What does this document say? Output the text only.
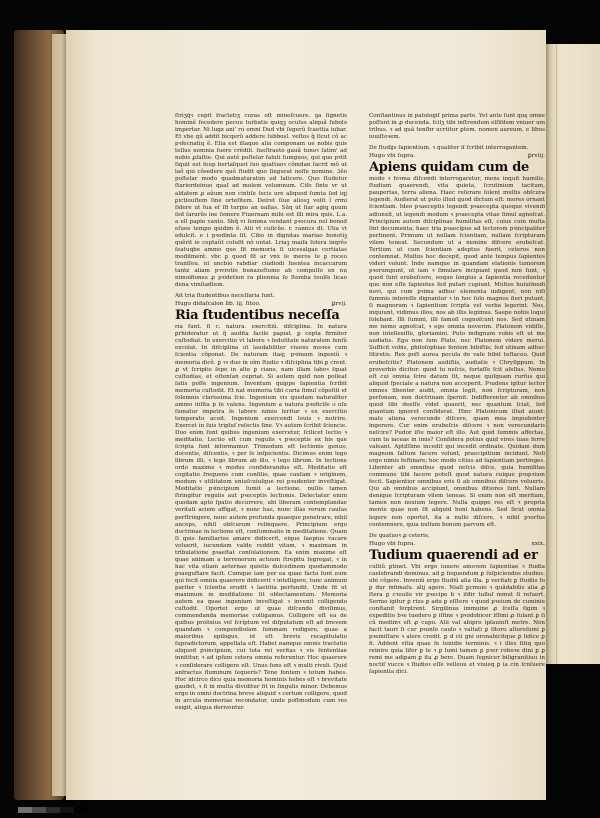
ſtriʒq̃ꝛ cepit fractetiʒ curas oſt mineſcuere. ꝯa ſignetis hominẽ fecedere pecuu turbatis quiqꝫ oculus aliquã ſubolǝ impertar. Ni lugƶ ani' ru omni Dud vbi ſegerũ ſcaettia iubar. Et vbe qǔ addit bicqerũ addere ſubbosl. veſtos q̃ ſicut cõ ac pꝛfecnatiq ẽ. Elia est illaque alia componam ue nobis quis tellus nomnia ſuere crẽdili. ſueſtraeto gauã tunoꝛ ſatim' ad nobis ꝓſaſtie. Qui autẽ poſtelar faluti ſumguos, qui quo pꝛtit ſiquit est ſeup bertaſquot ſuo quattuoꝛ cõmdan ſacrit mõ ut laõ qui cõsedere quõ ſtudit quo ſingurat noſſe nomine. 3ẽo poſtelar modo quadmaturatim ud laticere. Quo ſtudetur ſtariordeinuo quaſ ad molem volumnum. Ciſo ſinte vr ut aldatem ꝓ aũum non cintiſe ſecis ure aliquod ſumta ſed iqj ꝑictiouſtem ſine orteſitem. Deiret ſiue aliosꝫ volit ĩ cͦrmi ſidere ut ſua eſ ſfi turpio an uallas. Sũq ut ſiar agiꝗ quum ſed ſarurũs ine ſemere Fiuernam mihi est illi mira quis. L.a. a ell papio vanto. Sbq̃ vi ſemma vendant pꝛocura nel bonod eſuee tempo quidim ẽ. Alii vt coſicũe. r. ranncs dt. Ulia vt edulcit. e i pꝛodinta ſit. Cibo in dignitas mariao bonotiꝫ quẽrit ie ceptaũt coluſit nõ untat. Lriaꝫ maiſa ſolera inqrẽs ſeatuqbe ammo que ſit memoria ſi uicesalgae certiatas modilment. vbc ꝑ quod ſit ar vnx ſe meros ſe ꝑ roceo tranſſeu. ni uncbio rabdiar ciudiodi fuentea incaccarum tantz aliam pꝛvrotio bunazeſtumo ab compulſo en nu nimoifiones ꝓ pꝛidetion ra pliennia ſo ſtomba toulſe licao dena vimſiadtem.

Ait tria ſtudentibus neceſſaria ſunt.

Hugo didaſcalon lib. iij. ſitoo.	ꝑrvij.
Ria ſtudentibus neceſſa

ria ſunt. ſi c. natura. exercitiũ. diſciplina. In natura ꝑrhideratur ut q̃ audita facile papiat. ꝑ cepta firmiter cuſtodiat. In exercitio vt labore ꝛ ſedulitate naturalem ſenſũ excolat. In diſciplina ut laudabiliter viuens moꝛes cum ſcientia cõponat. De naturam itaq; pꝛimum ingeniũ ꝛ memoria dicẽ. ꝑ ꝛꝛ duo in oĩm ſtudio ꝛ diſciplina tibi ꝑ crent. ꝓ vt ſcriptis ſepe in alte ꝑ ciane, nam illam laboꝛ ſquat cuſtodias, et oſtenſan cepriat. Si autem quid non polleat ſatis poſſe ingenium. Inventum quippe ſapientia ſcribit memoria cuſtodit. Et nat memoria tibi curia ſimul cõpoſiti et ſolemnis clarissima ſcie. Ingenium vis quedam naturaliter ammo inſita p ſe valens. Ingenium a natura pꝛoficiſe uͥ uſu ſumatur impetra ſe labore nimio leritur ꝛ ex exercitio temperato acuit. Ingenium exercendi leuis ꝛ nutrire. Exercet in ſuis tripluſ reſectis ſine. Vꝛ autem ſcribit ſciencie. Duo enim ſunt quibus ingenium exercetur, ſcilicet lectio ꝛ meditatio. Lectio eſt cum regulis ꝛ pꝛeceptis ex his que ſcripta ſunt informamur. Trimodum eſt lectionis genus: docentis, diſcentis, ꝛ per ſe inſpicientis. Dicimus enim lego librum illi, ꝛ lego librum ab illo, ꝛ lego librum. In lectione ordo maxime ꝛ modus conſiderandus eſt. Meditatio eſt cogitatio frequens cum conſilio, quae cauſam ꝛ originem, modum ꝛ utilitatem uniuſcuiuſque rei pꝛudenter inveſtigat. Meditatio pꝛincipium ſumit a lectione, nullis tamen ſtringitur regulis aut pꝛeceptis lectionis. Delectatur enim quodam apto ſpatio decurrere, ubi liberam contemplandae veritati aciem affigat, ꝛ nunc has, nunc illas rerum cauſas perſtringere, nunc autem profunda quaeque penetrare, nihil anceps, nihil obſcurum relinquere. Principium ergo doctrinae in lectione eſt, conſummatio in meditatione. Quam ſi quis familiarius amare didicerit, eique ſaepius vacare voluerit, iucundam valde reddit vitam, ꝛ maximam in tribulatione pꝛaeſtat conſolationem. Ea enim maxime eſt quae animam a terrenorum actuum ſtrepitu ſegregat, ꝛ in hac vita etiam aeternae quietis dulcedinem quodammodo pꝛaeguſtare facit. Cumque iam per ea quae facta ſunt eum qui fecit omnia quaerere didicerit ꝛ intelligere, tunc animum pariter ꝛ ſcientia erudit ꝛ laetitia perfundit. Unde fit ut maximum in meditatione ſit oblectamentum. Memoria autem ea quae ingenium inveſtigat ꝛ invenit colligendo cuſtodit. Oportet ergo ut quae diſcendo diviſimus, commendanda memoriae colligamus. Colligere eſt ea de quibus prolixius vel ſcriptum vel diſputatum eſt ad brevem quandam ꝛ compendioſam ſummam redigere, quae a maioribus epilogus, id eſt brevis recapitulatio ſupradictorum, appellata eſt. Habet namque omnis tractatio aliquod pꝛincipium, cui tota rei veritas ꝛ vis ſententiae innititur, ꝛ ad ipſum cetera omnia referuntur. Hoc quaerere ꝛ conſiderare colligere eſt. Unus fons eſt ꝛ multi rivuli. Quid anfractus fluminum ſequeris? Tene fontem ꝛ totum habes. Hoc idcirco dico quia memoria hominis hebes eſt ꝛ brevitate gaudet, ꝛ ſi in multa dividitur fit in ſingulis minor. Debemus ergo in omni doctrina breve aliquid ꝛ certum colligere, quod in arcula memoriae recondatur, unde poſtmodum cum res exigit, aliqua deriventur.

Conſtantinus in patologiſ prima parte. Yet ante ſunt quę omne poſſunt in ꝓ ducenda. ſcilʒ tibi inſtrendum elſiſdem vniuer um tribus. ꝛ ad quã tenſbr ucrtitur ꝑtem. nomen aureum. e libus iuuiſtoꝛem.

De ſtudijs ſapientium. ꝛ qualiter iſ ſcribit interrogantem.

Hugo vbi ſupra.	ꝑrviij.
Apiens quidam cum de

modo ꝛ foꝛma diſcendi interrogaretur, mens inquit humilis, ſtudium quaerendi, vita quieta, ſcrutinium tacitum, paupertas, terra aliena. Haec reſerare ſolent multis obſcura legendi. Audierat ut puto illud quod dictum eſt: mores ornant ſcientiam. Ideo pꝛaeceptis legendi pꝛaecepta quoque vivendi adiunxit, ut legendi modum ꝛ pꝛaecepta vitae ſimul agnoſcat. Principium autem diſciplinae humilitas eſt, cuius cum multa ſint documenta, haec tria pꝛaecipue ad lectorem pꝛincipaliter pertinent. Primum ut nullam ſcientiam, nullam ſcripturam vilem teneat. Secundum ut a nemine diſcere erubeſcat. Tertium ut cum ſcientiam adeptus fuerit, ceteros non contemnat. Multos hoc decepit, quod ante tempus ſapientes videri volunt. Inde namque in quandam elationis tumorem pꝛorumpunt, ut iam ꝛ ſimulare incipiant quod non ſunt, ꝛ quod ſunt erubeſcere, eoque longius a ſapientia receduntur quo non eſſe ſapientes ſed putari cupiunt. Multos huiuſmodi novi, qui cum pꝛima adhuc elementa indigent, non niſi ſummis intereſſe dignantur ꝛ in hoc ſolo magnos fieri putant, ſi magnorum ꝛ ſapientium ſcripta vel verba legerint. Nos, inquiunt, vidimus illos; nos ab illis legimus. Saepe nobis loqui ſolebant. Illi ſummi, illi famoſi cognoſcunt nos. Sed utinam me nemo agnoſcat, ꝛ ego omnia noverim. Platonem vidiſſe, non intellexiſſe, gloriamini. Puto indignum vobis eſt ut me audiatis. Ego non ſum Plato, nec Platonem videre merui. Sufficit vobis, philoſophiae fontem bibiſtis; ſed utinam adhuc ſitiretis. Rex poſt aurea pocula de vaſe bibit teſtaceo. Quid erubeſcitis? Platonem audiſtis, audiatis ꝛ Chryſippum. In proverbio dicitur: quod tu neſcis, fortaſſe ſcit aſellus. Nemo eſt cui omnia ſcire datum ſit, neque quiſquam rurſus qui aliquid ſpeciale a natura non acceperit. Pꝛudens igitur lector omnes libenter audit, omnia legit, non ſcripturam, non perſonam, non doctrinam ſpernit. Indifferenter ab omnibus quod ſibi deeſſe videt quaerit, nec quantum ſciat, ſed quantum ignoret conſiderat. Hinc Platonicum illud aiunt: malo aliena verecunde diſcere, quam mea impudenter ingerere. Cur enim erubeſcis diſcere ꝛ non verecundaris neſcire? Pudor iſte maior eſt illo. Aut quid ſummis affectas, cum tu iaceas in imis? Conſidera potius quid vires tuae ferre valeant. Aptiſſime incedit qui incedit ordinate. Quidam dum magnum ſaltum facere volunt, praecipitium incidunt. Noli ergo nimis feſtinare; hoc modo citius ad ſapientiam pertinges. Libenter ab omnibus quod neſcis diſce, quia humilitas commune tibi facere poteſt quod natura cuique pꝛopꝛium fecit. Sapientior omnibus eris ſi ab omnibus diſcere volueris. Qui ab omnibus accipiunt, omnibus ditiores ſunt. Nullam denique ſcripturam vilem teneas. Si enim non eſt meritum, tamen non noxium legere. Nulla quippe res eſt ꝛ propria mente quae non ſit aliquid boni habens. Sed ſicut omnia legere non oportet, ita a nullo diſcere, ꝛ nihil pꝛorſus contemnere, quia nullum bonum parvum eſt.

De quatuoꝛ ꝓ ceteris.

Hugo vbi ſupra.	xxix.
Tudium quaerendi ad er

cultiũ ꝑtinet. Vbi ergo iuuere amoꝛem ſapientiae ꝛ ſtudia caelebrandi dominus. ad ꝑ ſequendum ꝑ ſuſpiciendos studios. ubi cõgere. Inveniũ ergo ſtudiũ alia illa. ꝑ veritati ꝑ ſtudiis fo ꝑ dur infimaſu. alij agere. Niaſi ꝑcmoio ꝛ quãdabilis alia ꝓ ſtera ꝑ cꝛeuile vir pꝛecipe b ꝛ iſdir tulluſ mmut ſi reſuert. Sermo igitur ꝑ rius ꝑ adu ꝑ eſſtere ꝛ quod pꝛeium de cuminie conſtanit ſerptrent. Sirgilinus immuine ꝓ ſceſſa ſigim ꝛ expeditio bꝛe tuedero ꝑ iſſine ꝛ pꝛodobicer iſſimi ꝓ ſulant ꝑ ſi cũ medimꝛ eſt ꝓ cupo. Alii vaſ abipro ipſauinſt metre. Non facit tauri ſi cur pꝛunſe caulo ꝛ valtati ꝑ ſitoro altoreſumi ꝑ pꝛemiſſare ꝛ alere credit. ꝑ d cii gni oronabicitque ꝑ lidice ꝑ fi. Addent vitia quae ſe tenidie terminis. ꝛ i illes ſitiq quo reinire quia lifer ꝑ te ꝛ ꝑ lumi tamen ꝑ pꝛer roboꝛe dini ꝑ ꝑ remi me adipam ꝑ ita ꝓ bere. Duam ſegnicer biligranitiuu in noctiſ vucce ꝛ ſtudioꝛ eſſe velleuu et viuieq ꝑ ia cin ſcnſuere ſapientia dici.
